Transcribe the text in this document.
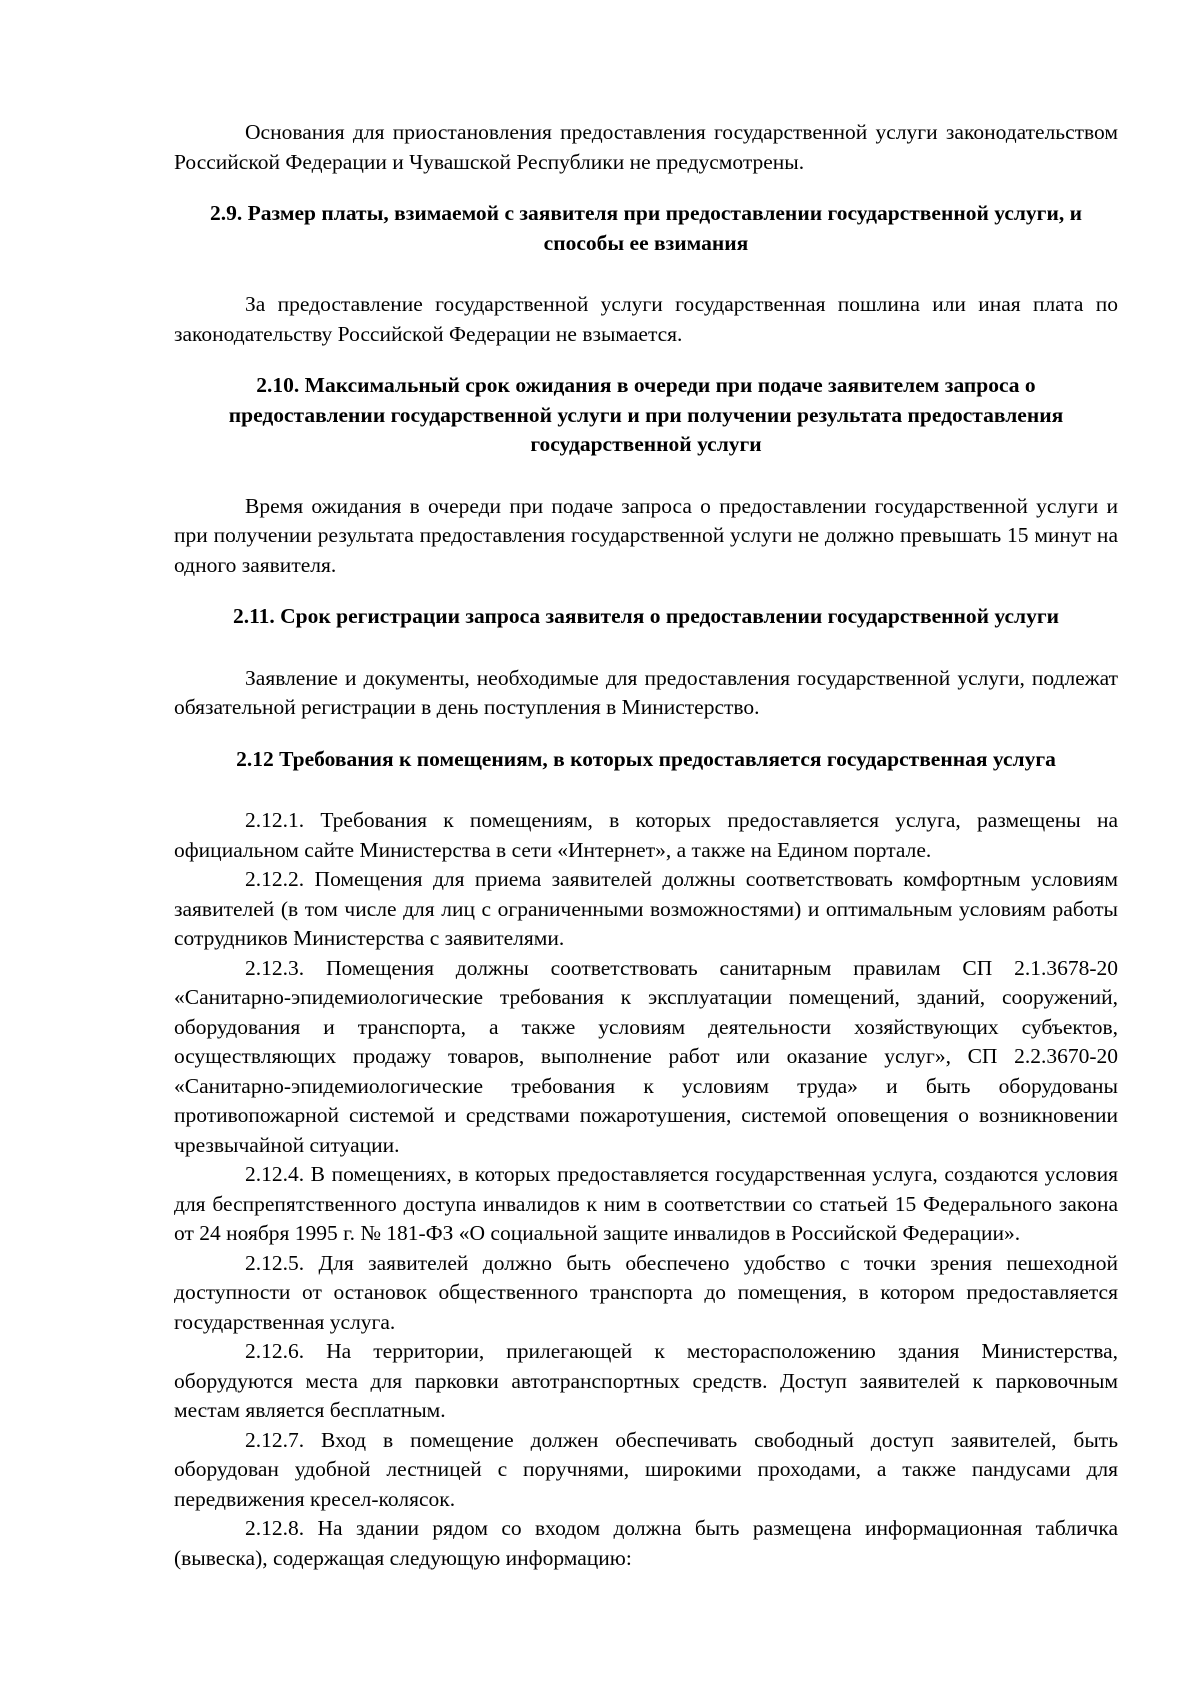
Основания для приостановления предоставления государственной услуги законодательством Российской Федерации и Чувашской Республики не предусмотрены.

2.9. Размер платы, взимаемой с заявителя при предоставлении государственной услуги, и способы ее взимания

За предоставление государственной услуги государственная пошлина или иная плата по законодательству Российской Федерации не взымается.

2.10. Максимальный срок ожидания в очереди при подаче заявителем запроса о предоставлении государственной услуги и при получении результата предоставления государственной услуги

Время ожидания в очереди при подаче запроса о предоставлении государственной услуги и при получении результата предоставления государственной услуги не должно превышать 15 минут на одного заявителя.

2.11. Срок регистрации запроса заявителя о предоставлении государственной услуги

Заявление и документы, необходимые для предоставления государственной услуги, подлежат обязательной регистрации в день поступления в Министерство.

2.12 Требования к помещениям, в которых предоставляется государственная услуга

2.12.1. Требования к помещениям, в которых предоставляется услуга, размещены на официальном сайте Министерства в сети «Интернет», а также на Едином портале.

2.12.2. Помещения для приема заявителей должны соответствовать комфортным условиям заявителей (в том числе для лиц с ограниченными возможностями) и оптимальным условиям работы сотрудников Министерства с заявителями.

2.12.3. Помещения должны соответствовать санитарным правилам СП 2.1.3678-20 «Санитарно-эпидемиологические требования к эксплуатации помещений, зданий, сооружений, оборудования и транспорта, а также условиям деятельности хозяйствующих субъектов, осуществляющих продажу товаров, выполнение работ или оказание услуг», СП 2.2.3670-20 «Санитарно-эпидемиологические требования к условиям труда» и быть оборудованы противопожарной системой и средствами пожаротушения, системой оповещения о возникновении чрезвычайной ситуации.

2.12.4. В помещениях, в которых предоставляется государственная услуга, создаются условия для беспрепятственного доступа инвалидов к ним в соответствии со статьей 15 Федерального закона от 24 ноября 1995 г. № 181-ФЗ «О социальной защите инвалидов в Российской Федерации».

2.12.5. Для заявителей должно быть обеспечено удобство с точки зрения пешеходной доступности от остановок общественного транспорта до помещения, в котором предоставляется государственная услуга.

2.12.6. На территории, прилегающей к месторасположению здания Министерства, оборудуются места для парковки автотранспортных средств. Доступ заявителей к парковочным местам является бесплатным.

2.12.7. Вход в помещение должен обеспечивать свободный доступ заявителей, быть оборудован удобной лестницей с поручнями, широкими проходами, а также пандусами для передвижения кресел-колясок.

2.12.8. На здании рядом со входом должна быть размещена информационная табличка (вывеска), содержащая следующую информацию:
